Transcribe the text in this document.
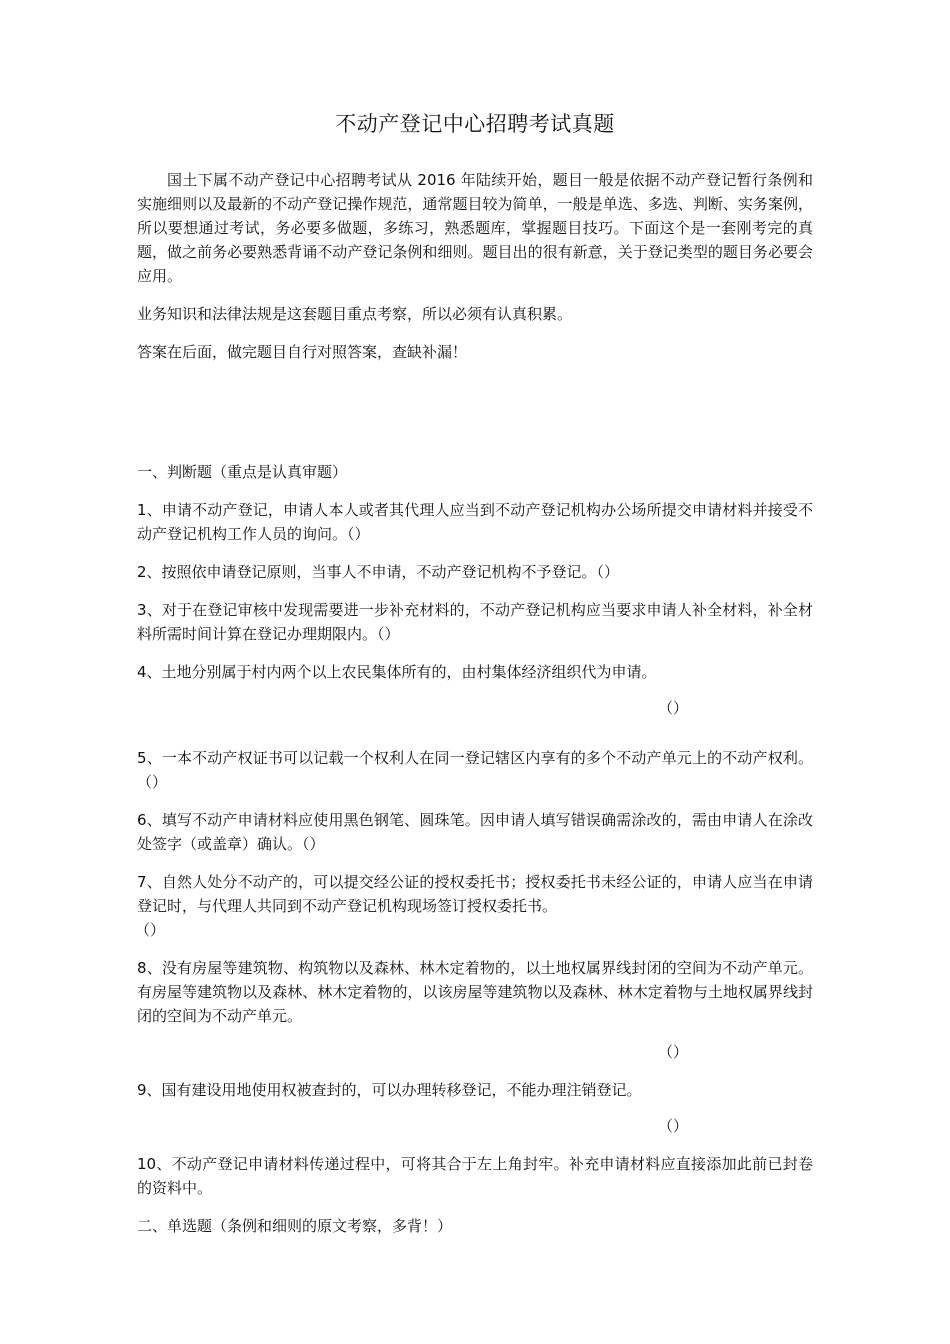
不动产登记中心招聘考试真题

国土下属不动产登记中心招聘考试从 2016 年陆续开始，题目一般是依据不动产登记暂行条例和实施细则以及最新的不动产登记操作规范，通常题目较为简单，一般是单选、多选、判断、实务案例，所以要想通过考试，务必要多做题，多练习，熟悉题库，掌握题目技巧。下面这个是一套刚考完的真题，做之前务必要熟悉背诵不动产登记条例和细则。题目出的很有新意，关于登记类型的题目务必要会应用。

业务知识和法律法规是这套题目重点考察，所以必须有认真积累。

答案在后面，做完题目自行对照答案，查缺补漏！

一、判断题（重点是认真审题）

1、申请不动产登记，申请人本人或者其代理人应当到不动产登记机构办公场所提交申请材料并接受不动产登记机构工作人员的询问。（）

2、按照依申请登记原则，当事人不申请，不动产登记机构不予登记。（）

3、对于在登记审核中发现需要进一步补充材料的，不动产登记机构应当要求申请人补全材料，补全材料所需时间计算在登记办理期限内。（）

4、土地分别属于村内两个以上农民集体所有的，由村集体经济组织代为申请。

（）

5、一本不动产权证书可以记载一个权利人在同一登记辖区内享有的多个不动产单元上的不动产权利。（）

6、填写不动产申请材料应使用黑色钢笔、圆珠笔。因申请人填写错误确需涂改的，需由申请人在涂改处签字（或盖章）确认。（）

7、自然人处分不动产的，可以提交经公证的授权委托书；授权委托书未经公证的，申请人应当在申请登记时，与代理人共同到不动产登记机构现场签订授权委托书。

（）

8、没有房屋等建筑物、构筑物以及森林、林木定着物的，以土地权属界线封闭的空间为不动产单元。有房屋等建筑物以及森林、林木定着物的，以该房屋等建筑物以及森林、林木定着物与土地权属界线封闭的空间为不动产单元。

（）

9、国有建设用地使用权被查封的，可以办理转移登记，不能办理注销登记。

（）

10、不动产登记申请材料传递过程中，可将其合于左上角封牢。补充申请材料应直接添加此前已封卷的资料中。

二、单选题（条例和细则的原文考察，多背！）
